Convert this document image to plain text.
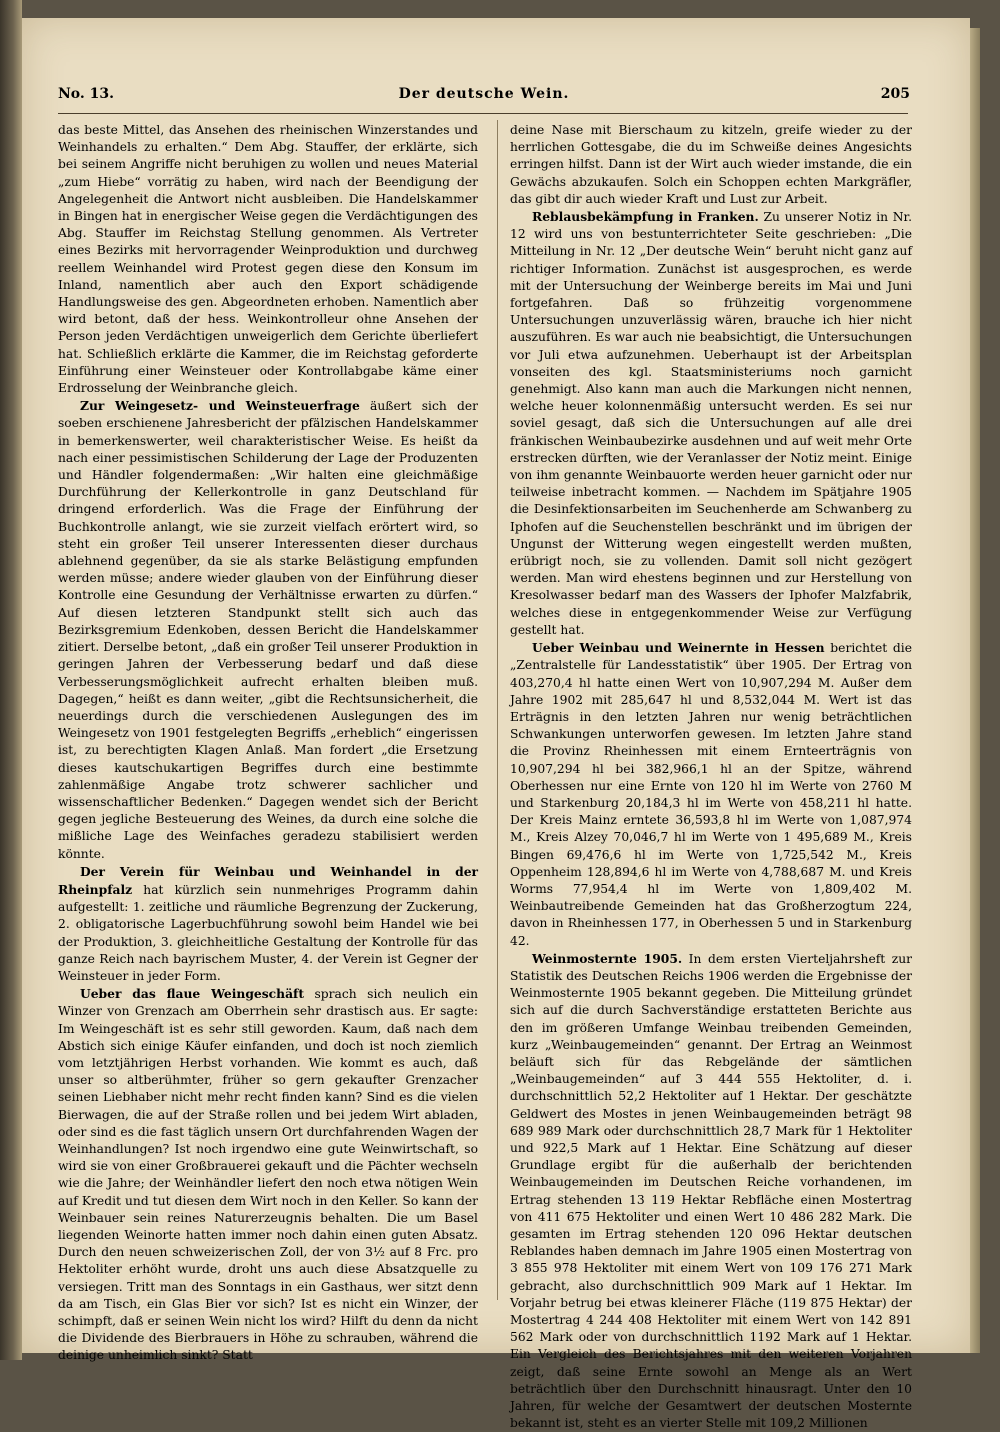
No. 13.	Der deutsche Wein.	205

das beste Mittel, das Ansehen des rheinischen Winzerstandes und Weinhandels zu erhalten.“ Dem Abg. Stauffer, der erklärte, sich bei seinem Angriffe nicht beruhigen zu wollen und neues Material „zum Hiebe“ vorrätig zu haben, wird nach der Beendigung der Angelegenheit die Antwort nicht ausbleiben. Die Handelskammer in Bingen hat in energischer Weise gegen die Verdächtigungen des Abg. Stauffer im Reichstag Stellung genommen. Als Vertreter eines Bezirks mit hervorragender Weinproduktion und durchweg reellem Weinhandel wird Protest gegen diese den Konsum im Inland, namentlich aber auch den Export schädigende Handlungsweise des gen. Abgeordneten erhoben. Namentlich aber wird betont, daß der hess. Weinkontrolleur ohne Ansehen der Person jeden Verdächtigen unweigerlich dem Gerichte überliefert hat. Schließlich erklärte die Kammer, die im Reichstag geforderte Einführung einer Weinsteuer oder Kontrollabgabe käme einer Erdrosselung der Weinbranche gleich.

Zur Weingesetz- und Weinsteuerfrage äußert sich der soeben erschienene Jahresbericht der pfälzischen Handelskammer in bemerkenswerter, weil charakteristischer Weise. Es heißt da nach einer pessimistischen Schilderung der Lage der Produzenten und Händler folgendermaßen: „Wir halten eine gleichmäßige Durchführung der Kellerkontrolle in ganz Deutschland für dringend erforderlich. Was die Frage der Einführung der Buchkontrolle anlangt, wie sie zurzeit vielfach erörtert wird, so steht ein großer Teil unserer Interessenten dieser durchaus ablehnend gegenüber, da sie als starke Belästigung empfunden werden müsse; andere wieder glauben von der Einführung dieser Kontrolle eine Gesundung der Verhältnisse erwarten zu dürfen.“ Auf diesen letzteren Standpunkt stellt sich auch das Bezirksgremium Edenkoben, dessen Bericht die Handelskammer zitiert. Derselbe betont, „daß ein großer Teil unserer Produktion in geringen Jahren der Verbesserung bedarf und daß diese Verbesserungsmöglichkeit aufrecht erhalten bleiben muß. Dagegen,“ heißt es dann weiter, „gibt die Rechtsunsicherheit, die neuerdings durch die verschiedenen Auslegungen des im Weingesetz von 1901 festgelegten Begriffs „erheblich“ eingerissen ist, zu berechtigten Klagen Anlaß. Man fordert „die Ersetzung dieses kautschukartigen Begriffes durch eine bestimmte zahlenmäßige Angabe trotz schwerer sachlicher und wissenschaftlicher Bedenken.“ Dagegen wendet sich der Bericht gegen jegliche Besteuerung des Weines, da durch eine solche die mißliche Lage des Weinfaches geradezu stabilisiert werden könnte.

Der Verein für Weinbau und Weinhandel in der Rheinpfalz hat kürzlich sein nunmehriges Programm dahin aufgestellt: 1. zeitliche und räumliche Begrenzung der Zuckerung, 2. obligatorische Lagerbuchführung sowohl beim Handel wie bei der Produktion, 3. gleichheitliche Gestaltung der Kontrolle für das ganze Reich nach bayrischem Muster, 4. der Verein ist Gegner der Weinsteuer in jeder Form.

Ueber das flaue Weingeschäft sprach sich neulich ein Winzer von Grenzach am Oberrhein sehr drastisch aus. Er sagte: Im Weingeschäft ist es sehr still geworden. Kaum, daß nach dem Abstich sich einige Käufer einfanden, und doch ist noch ziemlich vom letztjährigen Herbst vorhanden. Wie kommt es auch, daß unser so altberühmter, früher so gern gekaufter Grenzacher seinen Liebhaber nicht mehr recht finden kann? Sind es die vielen Bierwagen, die auf der Straße rollen und bei jedem Wirt abladen, oder sind es die fast täglich unsern Ort durchfahrenden Wagen der Weinhandlungen? Ist noch irgendwo eine gute Weinwirtschaft, so wird sie von einer Großbrauerei gekauft und die Pächter wechseln wie die Jahre; der Weinhändler liefert den noch etwa nötigen Wein auf Kredit und tut diesen dem Wirt noch in den Keller. So kann der Weinbauer sein reines Naturerzeugnis behalten. Die um Basel liegenden Weinorte hatten immer noch dahin einen guten Absatz. Durch den neuen schweizerischen Zoll, der von 3½ auf 8 Frc. pro Hektoliter erhöht wurde, droht uns auch diese Absatzquelle zu versiegen. Tritt man des Sonntags in ein Gasthaus, wer sitzt denn da am Tisch, ein Glas Bier vor sich? Ist es nicht ein Winzer, der schimpft, daß er seinen Wein nicht los wird? Hilft du denn da nicht die Dividende des Bierbrauers in Höhe zu schrauben, während die deinige unheimlich sinkt? Statt

deine Nase mit Bierschaum zu kitzeln, greife wieder zu der herrlichen Gottesgabe, die du im Schweiße deines Angesichts erringen hilfst. Dann ist der Wirt auch wieder imstande, die ein Gewächs abzukaufen. Solch ein Schoppen echten Markgräfler, das gibt dir auch wieder Kraft und Lust zur Arbeit.

Reblausbekämpfung in Franken. Zu unserer Notiz in Nr. 12 wird uns von bestunterrichteter Seite geschrieben: „Die Mitteilung in Nr. 12 „Der deutsche Wein“ beruht nicht ganz auf richtiger Information. Zunächst ist ausgesprochen, es werde mit der Untersuchung der Weinberge bereits im Mai und Juni fortgefahren. Daß so frühzeitig vorgenommene Untersuchungen unzuverlässig wären, brauche ich hier nicht auszuführen. Es war auch nie beabsichtigt, die Untersuchungen vor Juli etwa aufzunehmen. Ueberhaupt ist der Arbeitsplan vonseiten des kgl. Staatsministeriums noch garnicht genehmigt. Also kann man auch die Markungen nicht nennen, welche heuer kolonnenmäßig untersucht werden. Es sei nur soviel gesagt, daß sich die Untersuchungen auf alle drei fränkischen Weinbaubezirke ausdehnen und auf weit mehr Orte erstrecken dürften, wie der Veranlasser der Notiz meint. Einige von ihm genannte Weinbauorte werden heuer garnicht oder nur teilweise inbetracht kommen. — Nachdem im Spätjahre 1905 die Desinfektionsarbeiten im Seuchenherde am Schwanberg zu Iphofen auf die Seuchenstellen beschränkt und im übrigen der Ungunst der Witterung wegen eingestellt werden mußten, erübrigt noch, sie zu vollenden. Damit soll nicht gezögert werden. Man wird ehestens beginnen und zur Herstellung von Kresolwasser bedarf man des Wassers der Iphofer Malzfabrik, welches diese in entgegenkommender Weise zur Verfügung gestellt hat.

Ueber Weinbau und Weinernte in Hessen berichtet die „Zentralstelle für Landesstatistik“ über 1905. Der Ertrag von 403,270,4 hl hatte einen Wert von 10,907,294 M. Außer dem Jahre 1902 mit 285,647 hl und 8,532,044 M. Wert ist das Erträgnis in den letzten Jahren nur wenig beträchtlichen Schwankungen unterworfen gewesen. Im letzten Jahre stand die Provinz Rheinhessen mit einem Ernteerträgnis von 10,907,294 hl bei 382,966,1 hl an der Spitze, während Oberhessen nur eine Ernte von 120 hl im Werte von 2760 M und Starkenburg 20,184,3 hl im Werte von 458,211 hl hatte. Der Kreis Mainz erntete 36,593,8 hl im Werte von 1,087,974 M., Kreis Alzey 70,046,7 hl im Werte von 1 495,689 M., Kreis Bingen 69,476,6 hl im Werte von 1,725,542 M., Kreis Oppenheim 128,894,6 hl im Werte von 4,788,687 M. und Kreis Worms 77,954,4 hl im Werte von 1,809,402 M. Weinbautreibende Gemeinden hat das Großherzogtum 224, davon in Rheinhessen 177, in Oberhessen 5 und in Starkenburg 42.

Weinmosternte 1905. In dem ersten Vierteljahrsheft zur Statistik des Deutschen Reichs 1906 werden die Ergebnisse der Weinmosternte 1905 bekannt gegeben. Die Mitteilung gründet sich auf die durch Sachverständige erstatteten Berichte aus den im größeren Umfange Weinbau treibenden Gemeinden, kurz „Weinbaugemeinden“ genannt. Der Ertrag an Weinmost beläuft sich für das Rebgelände der sämtlichen „Weinbaugemeinden“ auf 3 444 555 Hektoliter, d. i. durchschnittlich 52,2 Hektoliter auf 1 Hektar. Der geschätzte Geldwert des Mostes in jenen Weinbaugemeinden beträgt 98 689 989 Mark oder durchschnittlich 28,7 Mark für 1 Hektoliter und 922,5 Mark auf 1 Hektar. Eine Schätzung auf dieser Grundlage ergibt für die außerhalb der berichtenden Weinbaugemeinden im Deutschen Reiche vorhandenen, im Ertrag stehenden 13 119 Hektar Rebfläche einen Mostertrag von 411 675 Hektoliter und einen Wert 10 486 282 Mark. Die gesamten im Ertrag stehenden 120 096 Hektar deutschen Reblandes haben demnach im Jahre 1905 einen Mostertrag von 3 855 978 Hektoliter mit einem Wert von 109 176 271 Mark gebracht, also durchschnittlich 909 Mark auf 1 Hektar. Im Vorjahr betrug bei etwas kleinerer Fläche (119 875 Hektar) der Mostertrag 4 244 408 Hektoliter mit einem Wert von 142 891 562 Mark oder von durchschnittlich 1192 Mark auf 1 Hektar. Ein Vergleich des Berichtsjahres mit den weiteren Vorjahren zeigt, daß seine Ernte sowohl an Menge als an Wert beträchtlich über den Durchschnitt hinausragt. Unter den 10 Jahren, für welche der Gesamtwert der deutschen Mosternte bekannt ist, steht es an vierter Stelle mit 109,2 Millionen
